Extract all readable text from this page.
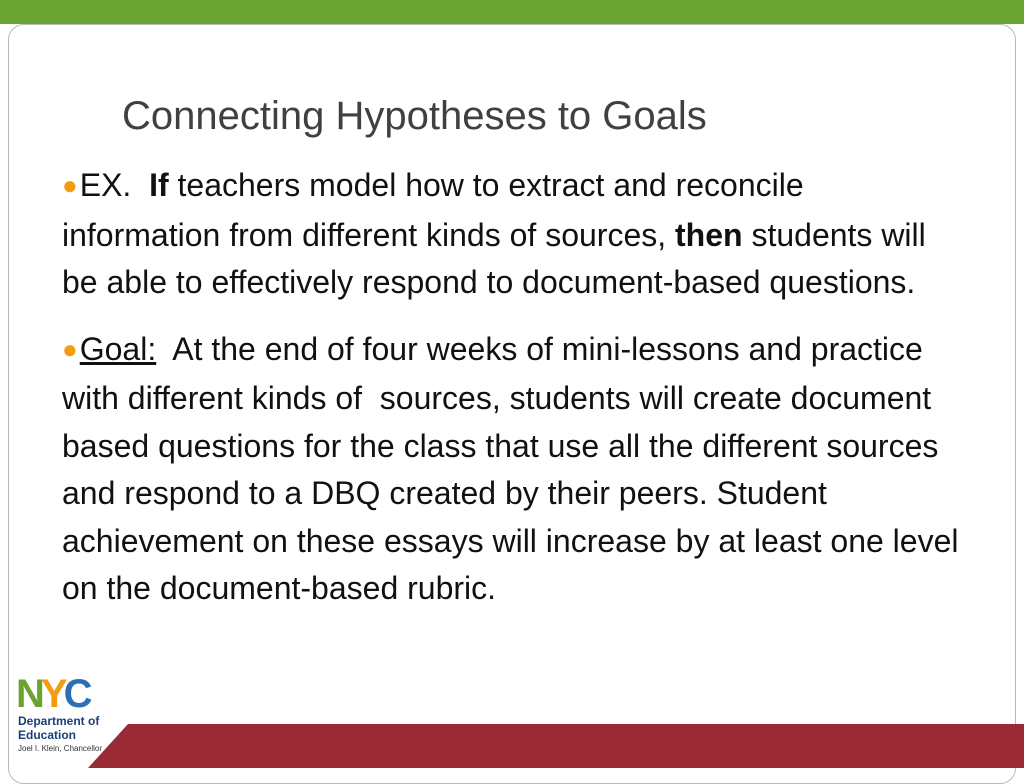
Connecting Hypotheses to Goals

●EX. If teachers model how to extract and reconcile information from different kinds of sources, then students will be able to effectively respond to document-based questions.

●Goal:  At the end of four weeks of mini-lessons and practice with different kinds of  sources, students will create document based questions for the class that use all the different sources and respond to a DBQ created by their peers. Student achievement on these essays will increase by at least one level on the document-based rubric.

NYC
Department of
Education
Joel I. Klein, Chancellor
